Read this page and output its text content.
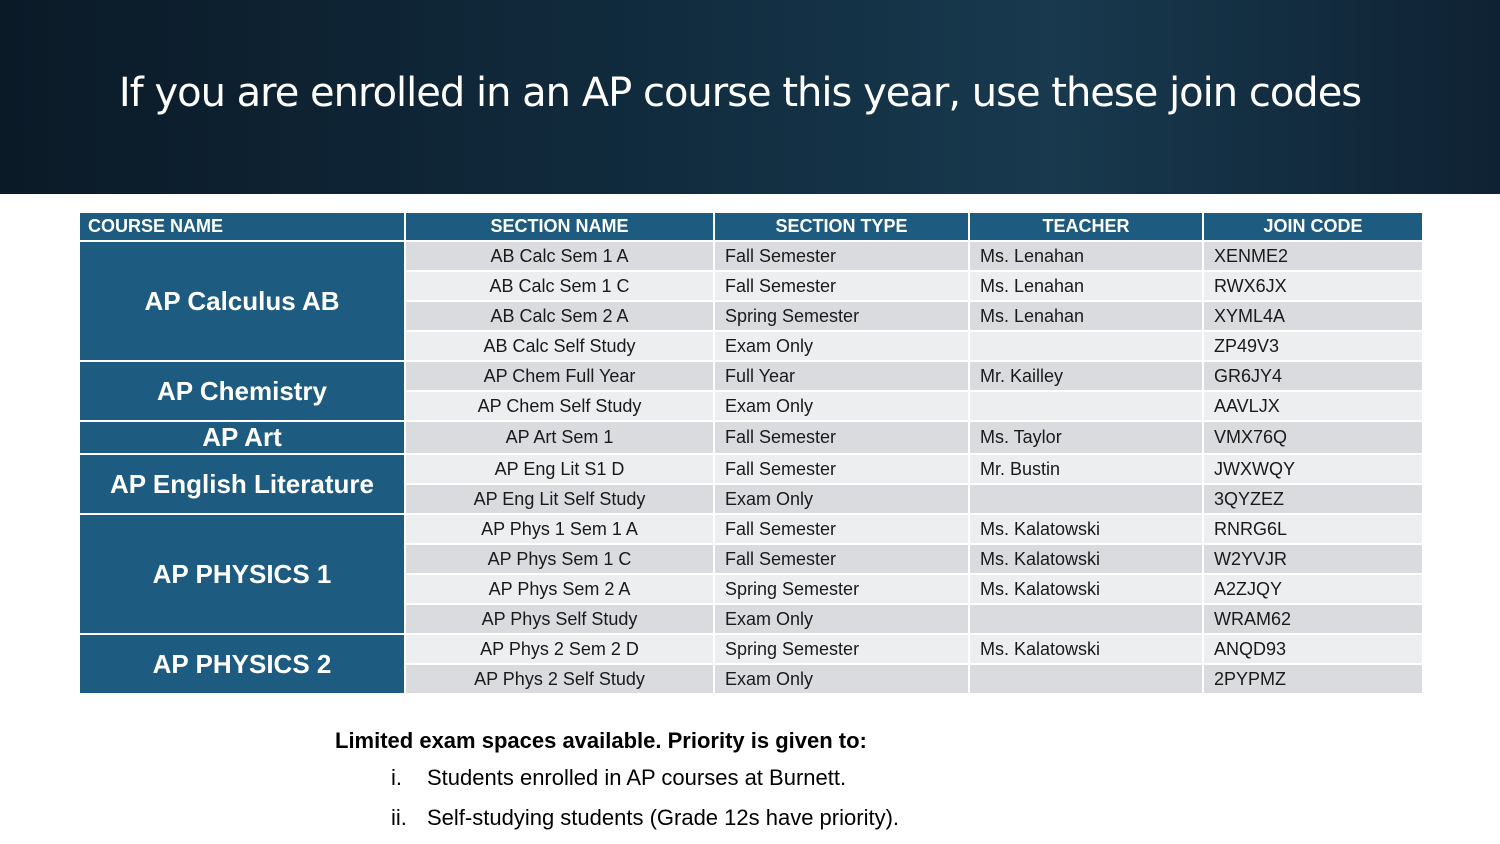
If you are enrolled in an AP course this year, use these join codes
COURSE NAME	SECTION NAME	SECTION TYPE	TEACHER	JOIN CODE
AP Calculus AB	AB Calc Sem 1 A	Fall Semester	Ms. Lenahan	XENME2
	AB Calc Sem 1 C	Fall Semester	Ms. Lenahan	RWX6JX
	AB Calc Sem 2 A	Spring Semester	Ms. Lenahan	XYML4A
	AB Calc Self Study	Exam Only		ZP49V3
AP Chemistry	AP Chem Full Year	Full Year	Mr. Kailley	GR6JY4
	AP Chem Self Study	Exam Only		AAVLJX
AP Art	AP Art Sem 1	Fall Semester	Ms. Taylor	VMX76Q
AP English Literature	AP Eng Lit S1 D	Fall Semester	Mr. Bustin	JWXWQY
	AP Eng Lit Self Study	Exam Only		3QYZEZ
AP PHYSICS 1	AP Phys 1 Sem 1 A	Fall Semester	Ms. Kalatowski	RNRG6L
	AP Phys Sem 1 C	Fall Semester	Ms. Kalatowski	W2YVJR
	AP Phys Sem 2 A	Spring Semester	Ms. Kalatowski	A2ZJQY
	AP Phys Self Study	Exam Only		WRAM62
AP PHYSICS 2	AP Phys 2 Sem 2 D	Spring Semester	Ms. Kalatowski	ANQD93
	AP Phys 2 Self Study	Exam Only		2PYPMZ
Limited exam spaces available. Priority is given to:
i.	Students enrolled in AP courses at Burnett.
ii. Self-studying students (Grade 12s have priority).
